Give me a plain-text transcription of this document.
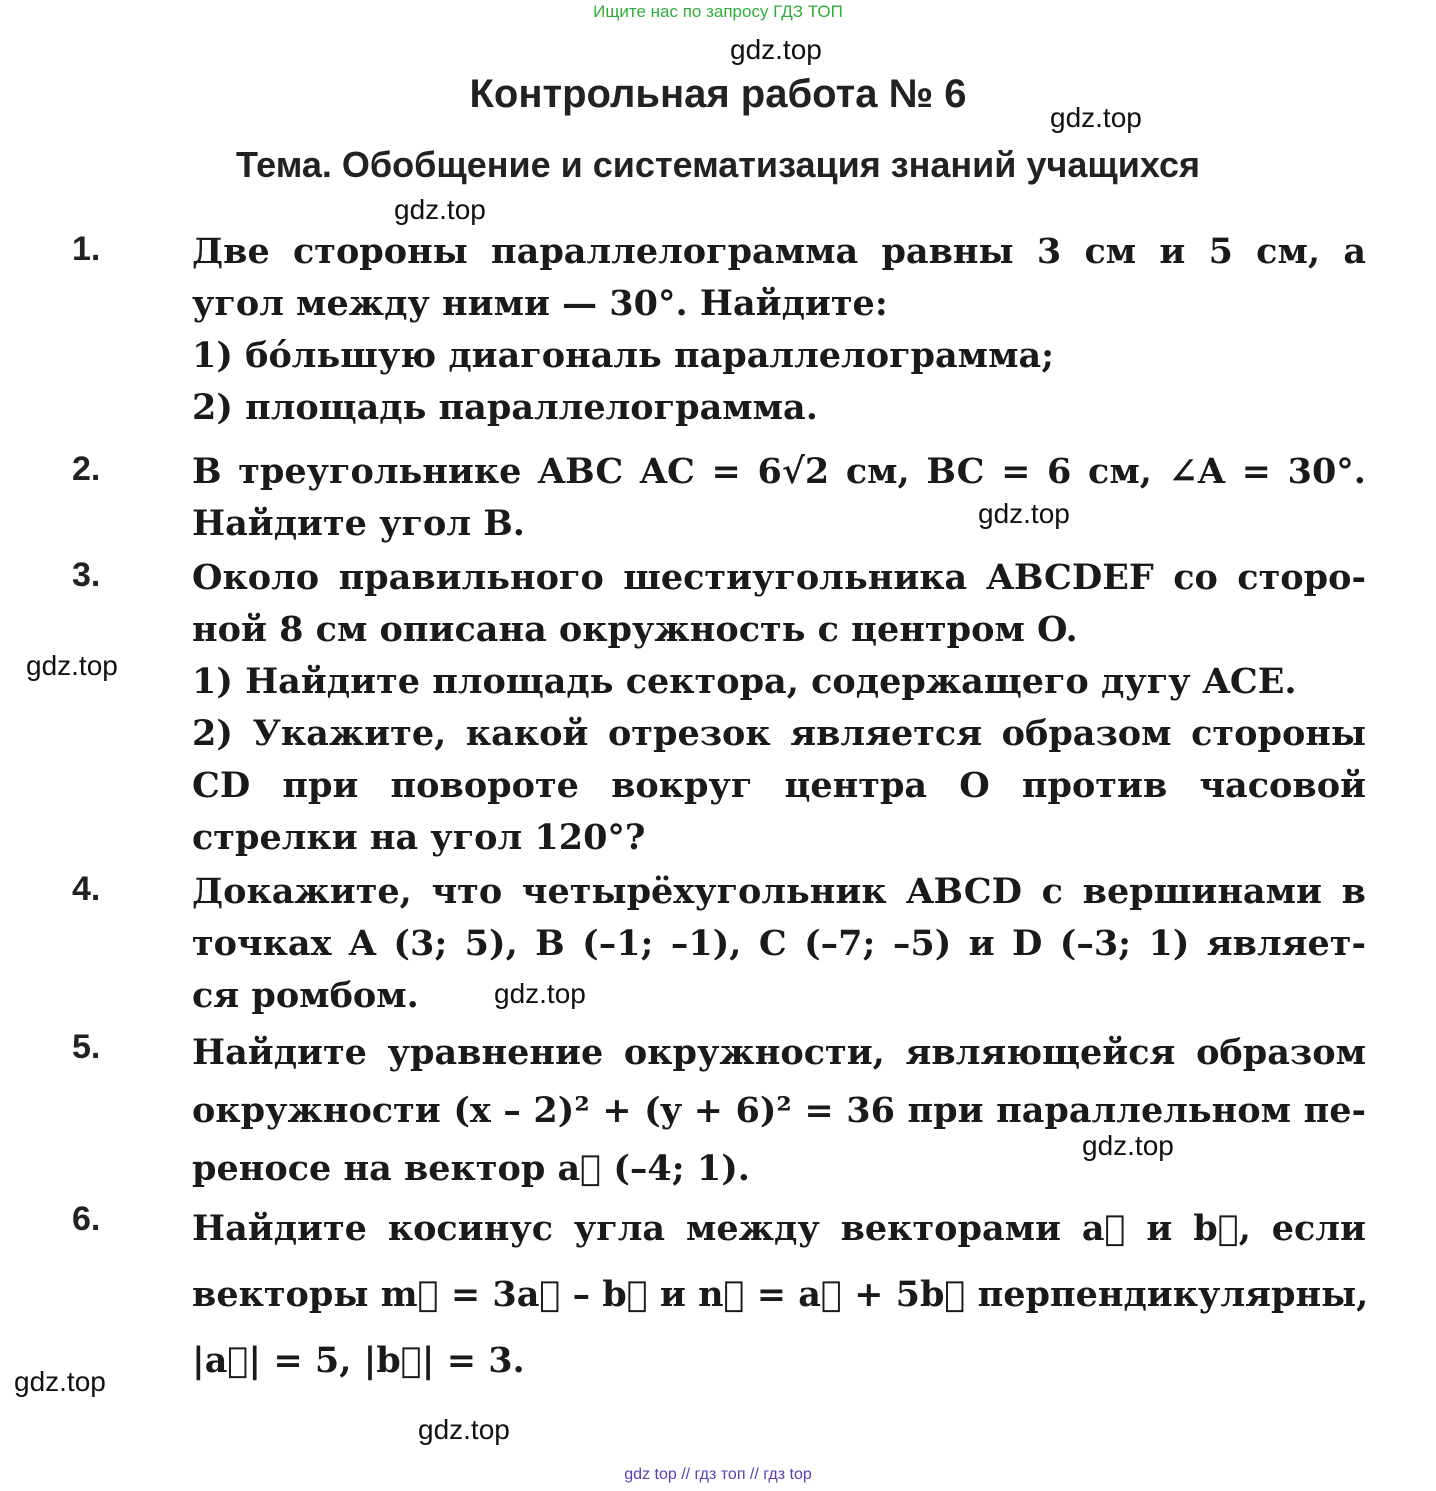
Ищите нас по запросу ГДЗ ТОП
gdz.top
gdz.top
gdz.top
gdz.top
gdz.top
gdz.top
gdz.top
gdz.top
gdz.top
Контрольная работа № 6
Тема. Обобщение и систематизация знаний учащихся
1.	Две стороны параллелограмма равны 3 см и 5 см, а
угол между ними — 30°. Найдите:
1) бо́льшую диагональ параллелограмма;
2) площадь параллелограмма.
2.	В треугольнике ABC AC = 6√2 см, BC = 6 см, ∠A = 30°.
Найдите угол B.
3.	Около правильного шестиугольника ABCDEF со сторо-
ной 8 см описана окружность с центром O.
1) Найдите площадь сектора, содержащего дугу ACE.
2) Укажите, какой отрезок является образом стороны
CD при повороте вокруг центра O против часовой
стрелки на угол 120°?
4.	Докажите, что четырёхугольник ABCD с вершинами в
точках A (3; 5), B (–1; –1), C (–7; –5) и D (–3; 1) являет-
ся ромбом.
5.	Найдите уравнение окружности, являющейся образом
окружности (x – 2)² + (y + 6)² = 36 при параллельном пе-
реносе на вектор a⃗ (–4; 1).
6.	Найдите косинус угла между векторами a⃗ и b⃗, если
векторы m⃗ = 3a⃗ – b⃗ и n⃗ = a⃗ + 5b⃗ перпендикулярны,
|a⃗| = 5, |b⃗| = 3.
gdz top // гдз топ // гдз top
